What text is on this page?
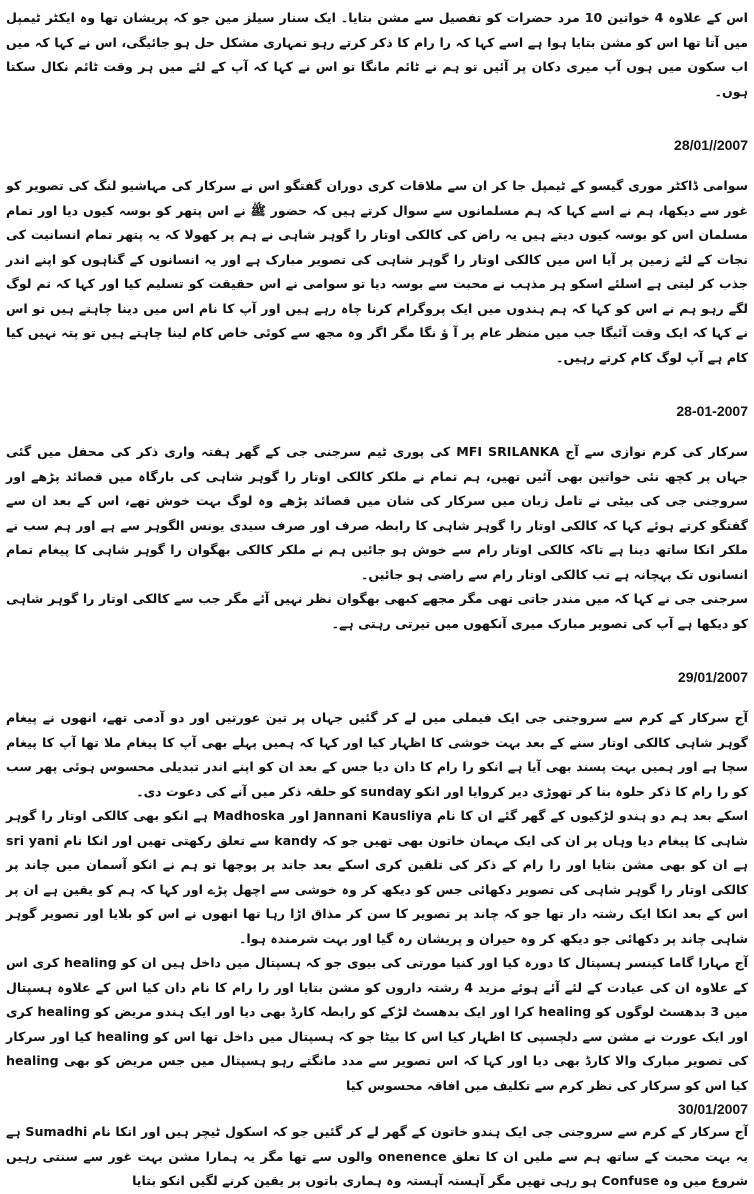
اس کے علاوہ 4 خواتین 10 مرد حضرات کو تفصیل سے مشن بتایا۔ ایک سنار سیلز مین جو کہ پریشان تھا وہ ایکٹر ٹیمپل میں آتا تھا اس کو مشن بتایا ہوا ہے اسے کہا کہ را رام کا ذکر کرتے رہو تمہاری مشکل حل ہو جائیگی، اس نے کہا کہ میں اب سکون میں ہوں آپ میری دکان پر آئیں تو ہم نے ٹائم مانگا تو اس نے کہا کہ آپ کے لئے میں ہر وقت ٹائم نکال سکتا ہوں۔

28/01//2007

سوامی ڈاکٹر موری گیسو کے ٹیمپل جا کر ان سے ملاقات کری دوران گفتگو اس نے سرکار کی مہاشیو لنگ کی تصویر کو غور سے دیکھا، ہم نے اسے کہا کہ ہم مسلمانوں سے سوال کرتے ہیں کہ حضور ﷺ نے اس پتھر کو بوسہ کیوں دیا اور تمام مسلمان اس کو بوسہ کیوں دیتے ہیں یہ راض کی کالکی اوتار را گوہر شاہی نے ہم پر کھولا کہ یہ پتھر تمام انسانیت کی نجات کے لئے زمین پر آیا اس میں کالکی اوتار را گوہر شاہی کی تصویر مبارک ہے اور یہ انسانوں کے گناہوں کو اپنے اندر جذب کر لیتی ہے اسلئے اسکو ہر مذہب نے محبت سے بوسہ دیا تو سوامی نے اس حقیقت کو تسلیم کیا اور کہا کہ تم لوگ لگے رہو ہم نے اس کو کہا کہ ہم ہندوں میں ایک پروگرام کرنا چاہ رہے ہیں اور آپ کا نام اس میں دینا چاہتے ہیں تو اس نے کہا کہ ایک وقت آئیگا جب میں منظر عام پر آ ؤ نگا مگر اگر وہ مجھ سے کوئی خاص کام لینا چاہتے ہیں تو پتہ نہیں کیا کام ہے آپ لوگ کام کرتے رہیں۔

28-01-2007

سرکار کی کرم نوازی سے آج MFI SRILANKA کی پوری ٹیم سرجنی جی کے گھر ہفتہ واری ذکر کی محفل میں گئی جہاں پر کچھ نئی خواتین بھی آئیں تھیں، ہم تمام نے ملکر کالکی اوتار را گوہر شاہی کی بارگاہ میں قصائد پڑھے اور سروجنی جی کی بیٹی نے تامل زبان میں سرکار کی شان میں قصائد پڑھے وہ لوگ بہت خوش تھے، اس کے بعد ان سے گفتگو کرتے ہوئے کہا کہ کالکی اوتار را گوہر شاہی کا رابطہ صرف اور صرف سیدی یونس الگوہر سے ہے اور ہم سب نے ملکر انکا ساتھ دینا ہے تاکہ کالکی اوتار رام سے خوش ہو جائیں ہم نے ملکر کالکی بھگوان را گوہر شاہی کا پیغام تمام انسانوں تک پہچانہ ہے تب کالکی اوتار رام سے راضی ہو جائیں۔

سرجنی جی نے کہا کہ میں مندر جاتی تھی مگر مجھے کبھی بھگوان نظر نہیں آئے مگر جب سے کالکی اوتار را گوہر شاہی کو دیکھا ہے آپ کی تصویر مبارک میری آنکھوں میں تیرتی رہتی ہے۔

29/01/2007

آج سرکار کے کرم سے سروجنی جی ایک فیملی میں لے کر گئیں جہاں پر تین عورتیں اور دو آدمی تھے، انھوں نے پیغام گوہر شاہی کالکی اوتار سنے کے بعد بہت خوشی کا اظہار کیا اور کہا کہ ہمیں پہلے بھی آپ کا پیغام ملا تھا آپ کا پیغام سچا ہے اور ہمیں بہت پسند بھی آیا ہے انکو را رام کا دان دیا جس کے بعد ان کو اپنے اندر تبدیلی محسوس ہوئی پھر سب کو را رام کا ذکر حلوہ بنا کر تھوڑی دیر کروایا اور انکو sunday کو حلقہ ذکر میں آنے کی دعوت دی۔

اسکے بعد ہم دو ہندو لڑکیوں کے گھر گئے ان کا نام Jannani Kausliya اور Madhoska ہے انکو بھی کالکی اوتار را گوہر شاہی کا پیغام دیا وہاں پر ان کی ایک مہمان خاتون بھی تھیں جو کہ kandy سے تعلق رکھتی تھیں اور انکا نام sri yani ہے ان کو بھی مشن بتایا اور را رام کے ذکر کی تلقین کری اسکے بعد جاند پر پوچھا تو ہم نے انکو آسمان میں چاند پر کالکی اوتار را گوہر شاہی کی تصویر دکھائی جس کو دیکھ کر وہ خوشی سے اچھل پڑے اور کہا کہ ہم کو یقین ہے ان پر اس کے بعد انکا ایک رشتہ دار تھا جو کہ چاند پر تصویر کا سن کر مذاق اڑا رہا تھا انھوں نے اس کو بلایا اور تصویر گوہر شاہی چاند پر دکھائی جو دیکھ کر وہ حیران و پریشان رہ گیا اور بہت شرمندہ ہوا۔

آج مہارا گاما کینسر ہسپتال کا دورہ کیا اور کنیا مورتی کی بیوی جو کہ ہسپتال میں داخل ہیں ان کو healing کری اس کے علاوہ ان کی عیادت کے لئے آئے ہوئے مزید 4 رشتہ داروں کو مشن بتایا اور را رام کا نام دان کیا اس کے علاوہ ہسپتال میں 3 بدھسٹ لوگوں کو healing کرا اور ایک بدھسٹ لڑکے کو رابطہ کارڈ بھی دیا اور ایک ہندو مریض کو healing کری اور ایک عورت نے مشن سے دلچسپی کا اظہار کیا اس کا بیٹا جو کہ ہسپتال میں داخل تھا اس کو healing کیا اور سرکار کی تصویر مبارک والا کارڈ بھی دیا اور کہا کہ اس تصویر سے مدد مانگتے رہو ہسپتال میں جس مریض کو بھی healing کیا اس کو سرکار کی نظر کرم سے تکلیف میں افاقہ محسوس کیا

30/01/2007

آج سرکار کے کرم سے سروجنی جی ایک ہندو خاتون کے گھر لے کر گئیں جو کہ اسکول ٹیچر ہیں اور انکا نام Sumadhi ہے یہ بہت محبت کے ساتھ ہم سے ملیں ان کا تعلق onenence والوں سے تھا مگر یہ ہمارا مشن بہت غور سے سنتی رہیں شروع میں وہ Confuse ہو رہی تھیں مگر آہستہ آہستہ وہ ہماری باتوں پر یقین کرنے لگیں انکو بتایا
